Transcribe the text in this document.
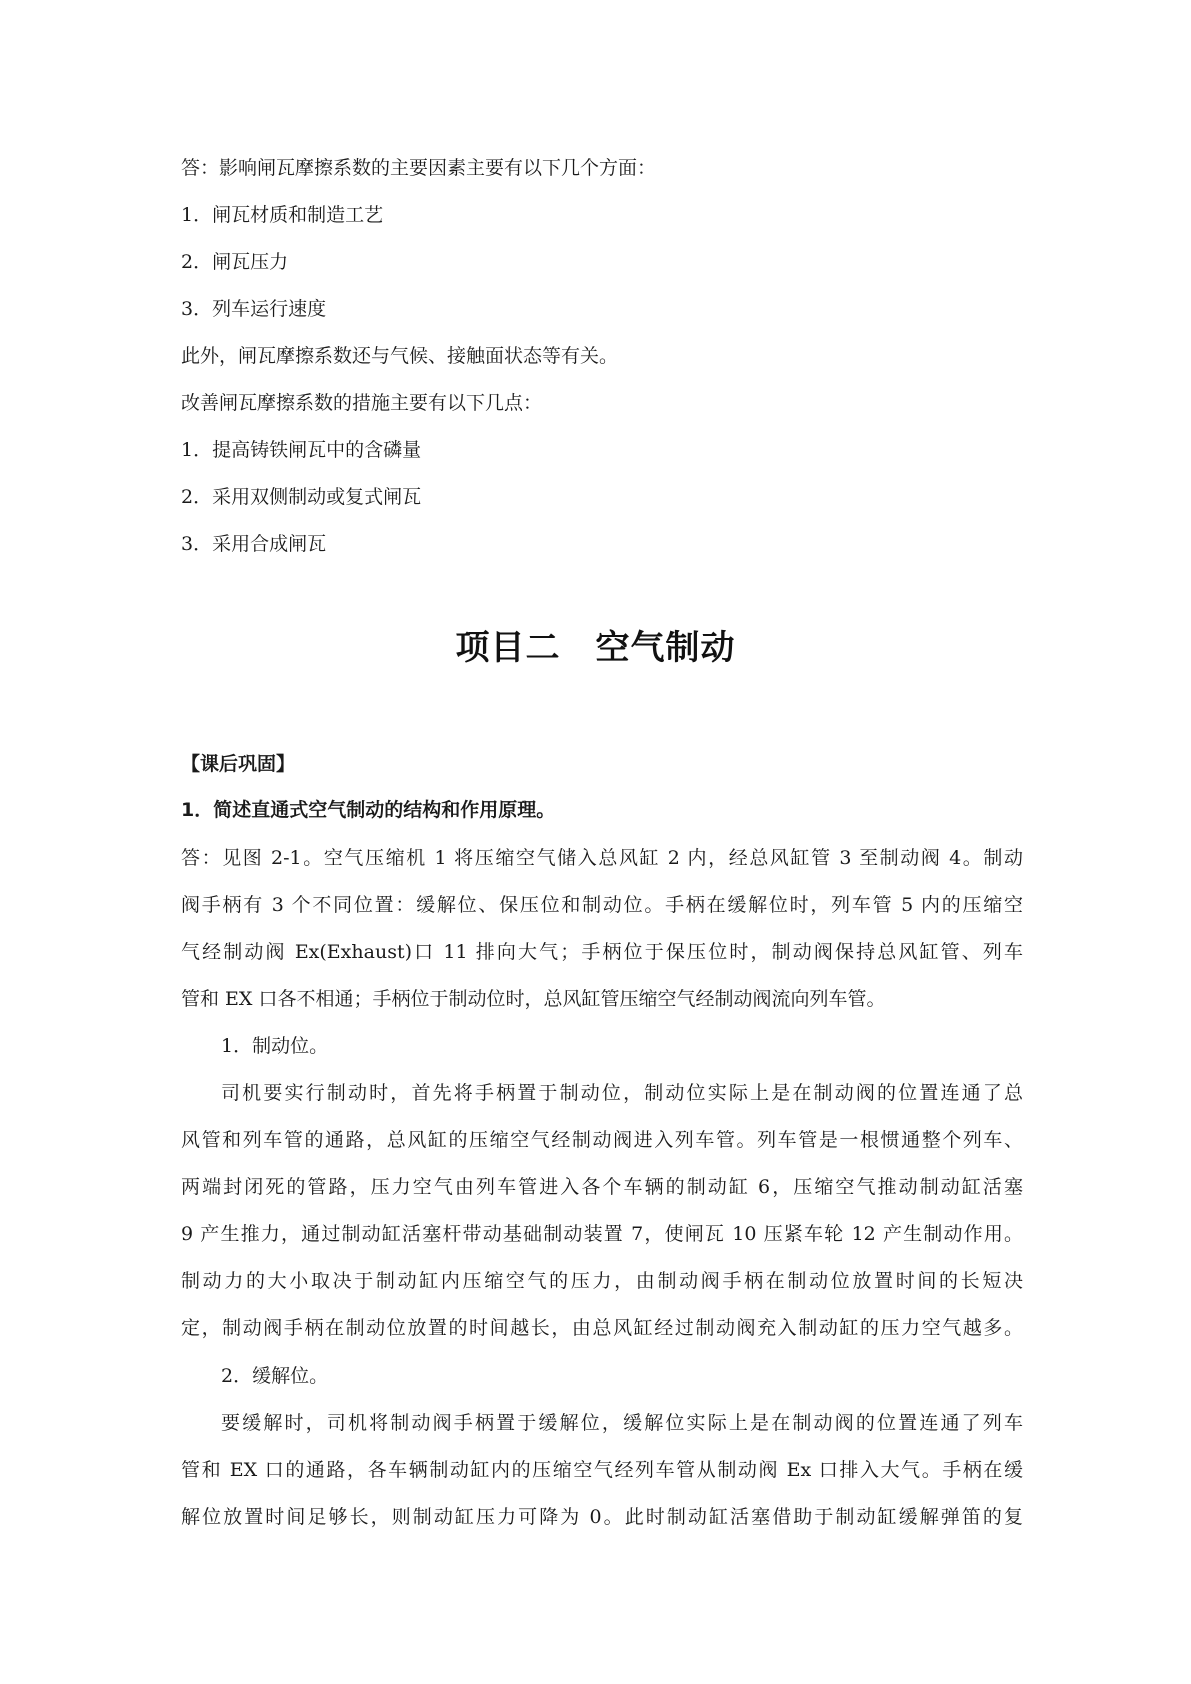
答：影响闸瓦摩擦系数的主要因素主要有以下几个方面：

1．闸瓦材质和制造工艺

2．闸瓦压力

3．列车运行速度

此外，闸瓦摩擦系数还与气候、接触面状态等有关。

改善闸瓦摩擦系数的措施主要有以下几点：

1．提高铸铁闸瓦中的含磷量

2．采用双侧制动或复式闸瓦

3．采用合成闸瓦

项目二　空气制动

【课后巩固】

1．简述直通式空气制动的结构和作用原理。

答：见图 2-1。空气压缩机 1 将压缩空气储入总风缸 2 内，经总风缸管 3 至制动阀 4。制动

阀手柄有 3 个不同位置：缓解位、保压位和制动位。手柄在缓解位时，列车管 5 内的压缩空

气经制动阀 Ex(Exhaust)口 11 排向大气；手柄位于保压位时，制动阀保持总风缸管、列车

管和 EX 口各不相通；手柄位于制动位时，总风缸管压缩空气经制动阀流向列车管。

1．制动位。

司机要实行制动时，首先将手柄置于制动位，制动位实际上是在制动阀的位置连通了总

风管和列车管的通路，总风缸的压缩空气经制动阀进入列车管。列车管是一根惯通整个列车、

两端封闭死的管路，压力空气由列车管进入各个车辆的制动缸 6，压缩空气推动制动缸活塞

9 产生推力，通过制动缸活塞杆带动基础制动装置 7，使闸瓦 10 压紧车轮 12 产生制动作用。

制动力的大小取决于制动缸内压缩空气的压力，由制动阀手柄在制动位放置时间的长短决

定，制动阀手柄在制动位放置的时间越长，由总风缸经过制动阀充入制动缸的压力空气越多。

2．缓解位。

要缓解时，司机将制动阀手柄置于缓解位，缓解位实际上是在制动阀的位置连通了列车

管和 EX 口的通路，各车辆制动缸内的压缩空气经列车管从制动阀 Ex 口排入大气。手柄在缓

解位放置时间足够长，则制动缸压力可降为 0。此时制动缸活塞借助于制动缸缓解弹笛的复
